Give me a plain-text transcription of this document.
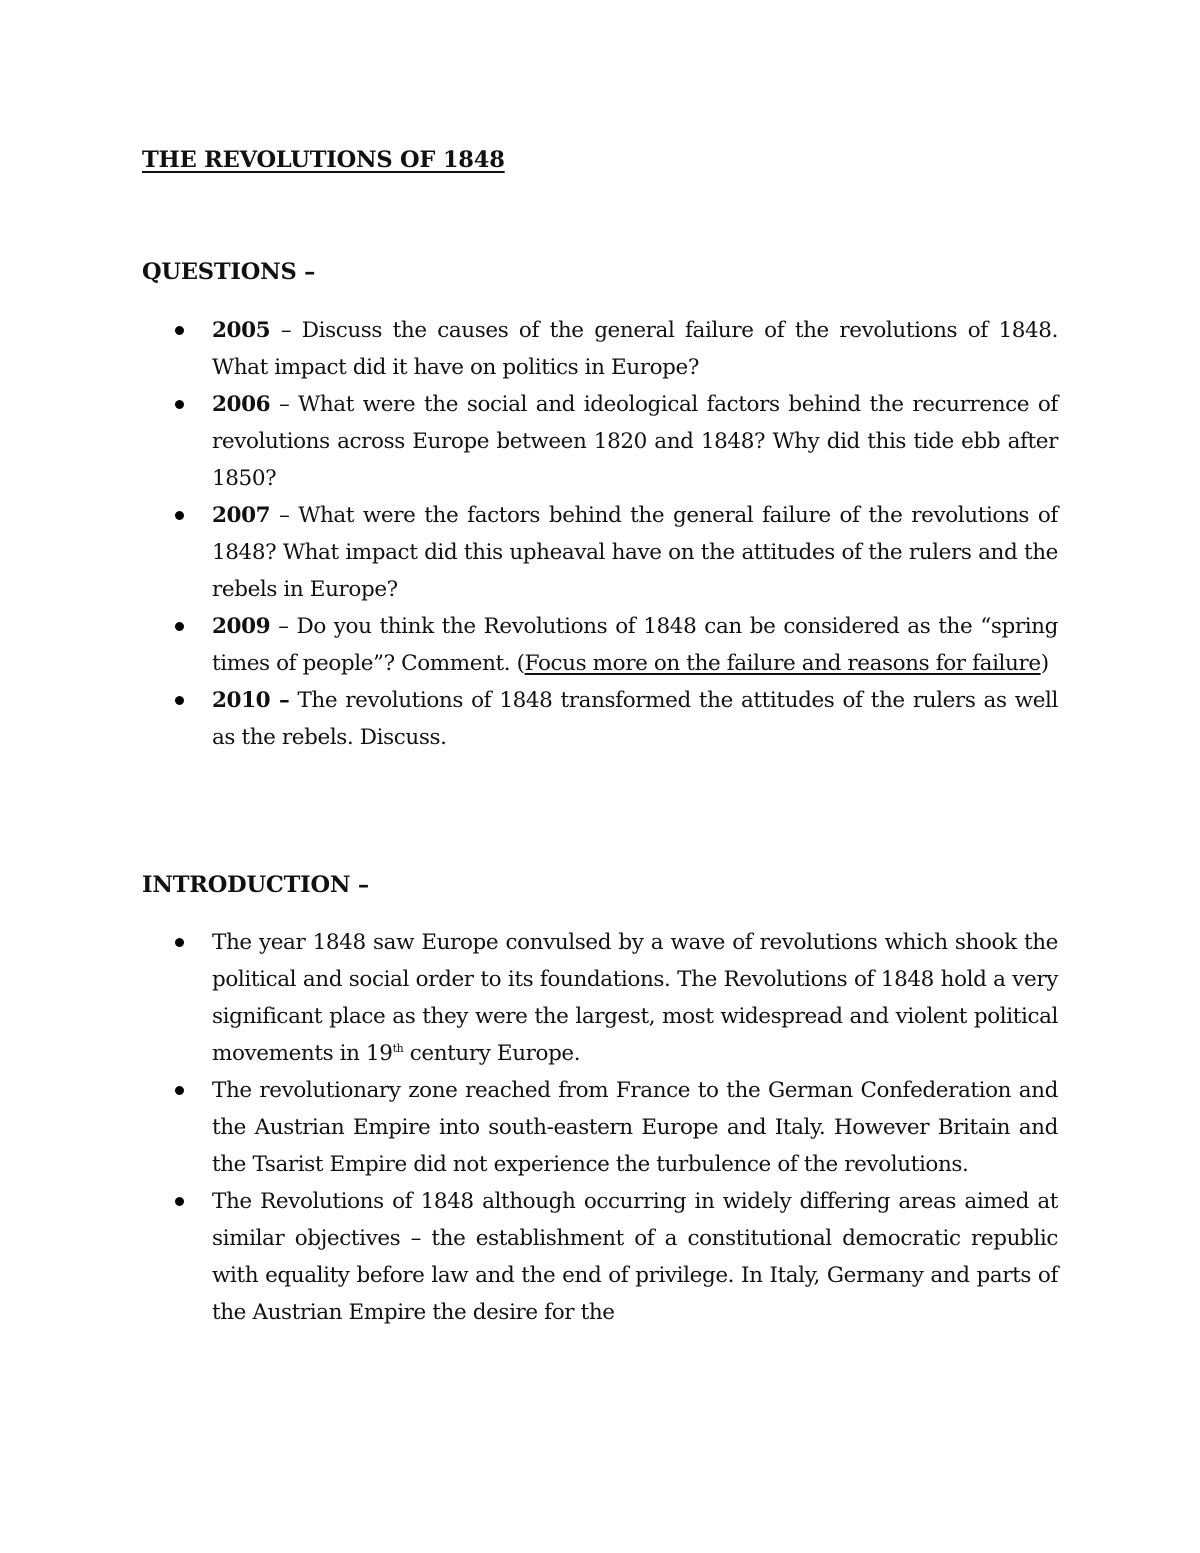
THE REVOLUTIONS OF 1848
QUESTIONS –
2005 – Discuss the causes of the general failure of the revolutions of 1848. What impact did it have on politics in Europe?
2006 – What were the social and ideological factors behind the recurrence of revolutions across Europe between 1820 and 1848? Why did this tide ebb after 1850?
2007 – What were the factors behind the general failure of the revolutions of 1848? What impact did this upheaval have on the attitudes of the rulers and the rebels in Europe?
2009 – Do you think the Revolutions of 1848 can be considered as the “spring times of people”? Comment. (Focus more on the failure and reasons for failure)
2010 – The revolutions of 1848 transformed the attitudes of the rulers as well as the rebels. Discuss.
INTRODUCTION –
The year 1848 saw Europe convulsed by a wave of revolutions which shook the political and social order to its foundations. The Revolutions of 1848 hold a very significant place as they were the largest, most widespread and violent political movements in 19th century Europe.
The revolutionary zone reached from France to the German Confederation and the Austrian Empire into south-eastern Europe and Italy. However Britain and the Tsarist Empire did not experience the turbulence of the revolutions.
The Revolutions of 1848 although occurring in widely differing areas aimed at similar objectives – the establishment of a constitutional democratic republic with equality before law and the end of privilege. In Italy, Germany and parts of the Austrian Empire the desire for the
